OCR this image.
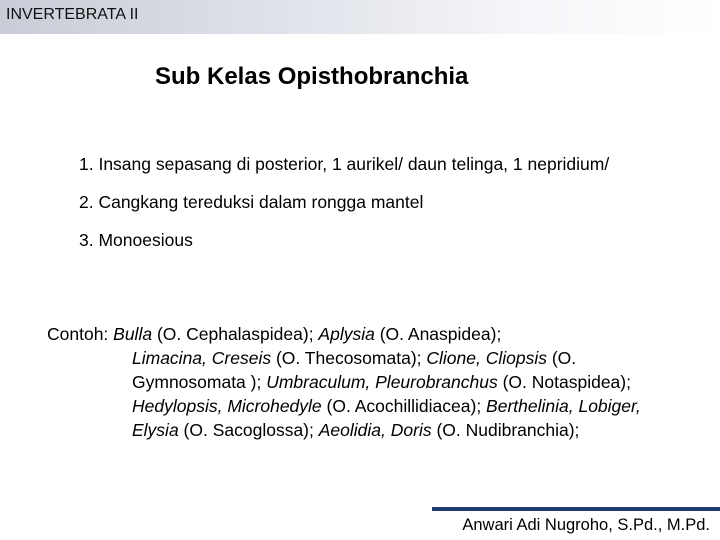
INVERTEBRATA II
Sub Kelas Opisthobranchia
1. Insang sepasang di posterior, 1 aurikel/ daun telinga, 1 nepridium/
2. Cangkang tereduksi dalam rongga mantel
3. Monoesious
Contoh: Bulla (O. Cephalaspidea); Aplysia (O. Anaspidea);
Limacina, Creseis (O. Thecosomata); Clione, Cliopsis (O. Gymnosomata ); Umbraculum, Pleurobranchus (O. Notaspidea); Hedylopsis, Microhedyle (O. Acochillidiacea); Berthelinia, Lobiger, Elysia (O. Sacoglossa); Aeolidia, Doris (O. Nudibranchia);
Anwari Adi Nugroho, S.Pd., M.Pd.
